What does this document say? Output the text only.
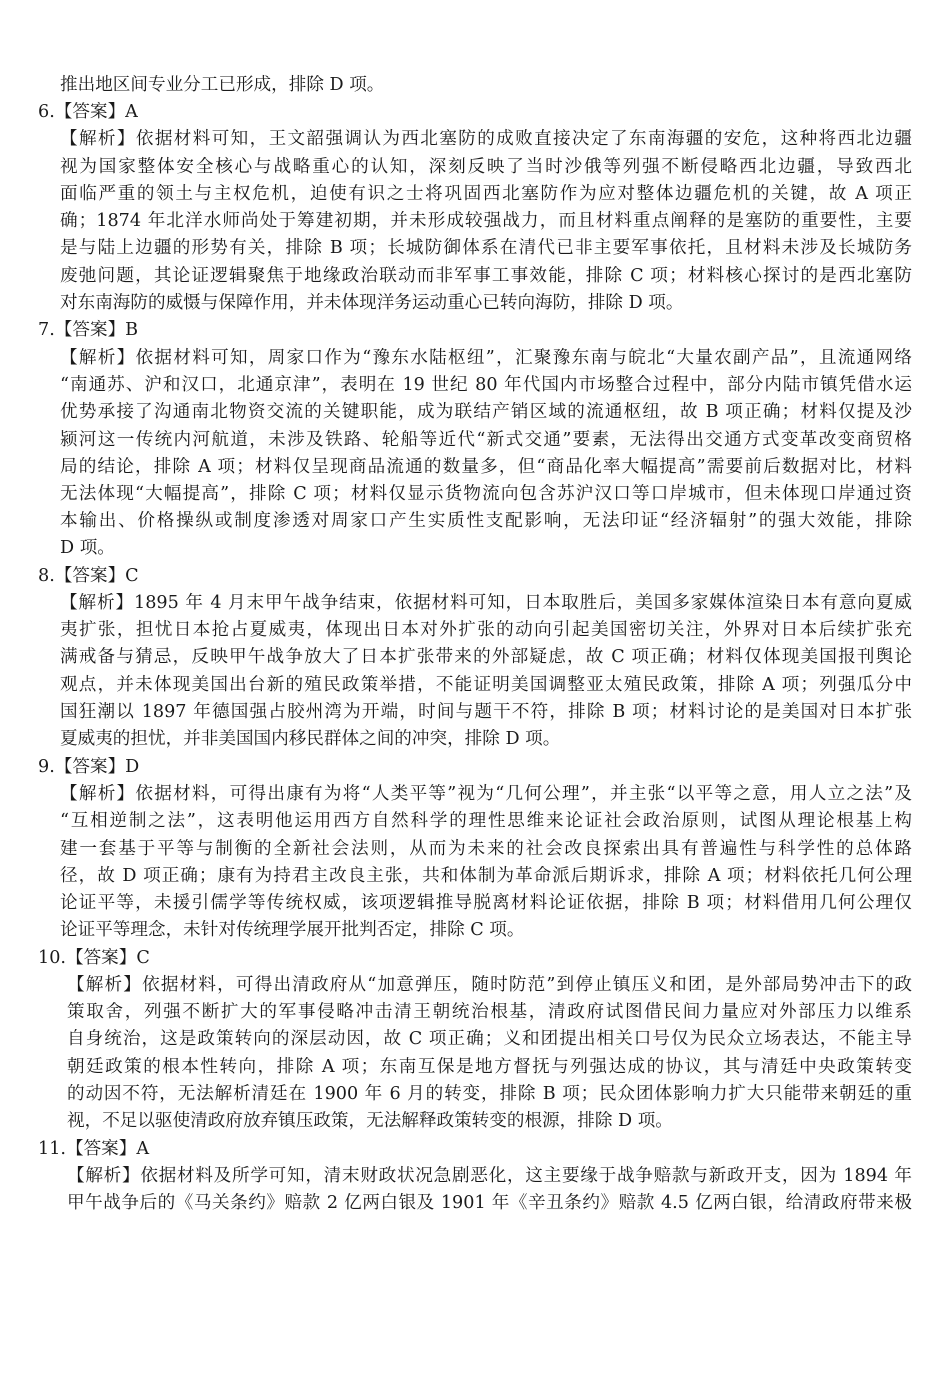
推出地区间专业分工已形成，排除 D 项。
6.【答案】A
【解析】依据材料可知，王文韶强调认为西北塞防的成败直接决定了东南海疆的安危，这种将西北边疆
视为国家整体安全核心与战略重心的认知，深刻反映了当时沙俄等列强不断侵略西北边疆，导致西北
面临严重的领土与主权危机，迫使有识之士将巩固西北塞防作为应对整体边疆危机的关键，故 A 项正
确；1874 年北洋水师尚处于筹建初期，并未形成较强战力，而且材料重点阐释的是塞防的重要性，主要
是与陆上边疆的形势有关，排除 B 项；长城防御体系在清代已非主要军事依托，且材料未涉及长城防务
废弛问题，其论证逻辑聚焦于地缘政治联动而非军事工事效能，排除 C 项；材料核心探讨的是西北塞防
对东南海防的威慑与保障作用，并未体现洋务运动重心已转向海防，排除 D 项。
7.【答案】B
【解析】依据材料可知，周家口作为“豫东水陆枢纽”，汇聚豫东南与皖北“大量农副产品”，且流通网络
“南通苏、沪和汉口，北通京津”，表明在 19 世纪 80 年代国内市场整合过程中，部分内陆市镇凭借水运
优势承接了沟通南北物资交流的关键职能，成为联结产销区域的流通枢纽，故 B 项正确；材料仅提及沙
颍河这一传统内河航道，未涉及铁路、轮船等近代“新式交通”要素，无法得出交通方式变革改变商贸格
局的结论，排除 A 项；材料仅呈现商品流通的数量多，但“商品化率大幅提高”需要前后数据对比，材料
无法体现“大幅提高”，排除 C 项；材料仅显示货物流向包含苏沪汉口等口岸城市，但未体现口岸通过资
本输出、价格操纵或制度渗透对周家口产生实质性支配影响，无法印证“经济辐射”的强大效能，排除
D 项。
8.【答案】C
【解析】1895 年 4 月末甲午战争结束，依据材料可知，日本取胜后，美国多家媒体渲染日本有意向夏威
夷扩张，担忧日本抢占夏威夷，体现出日本对外扩张的动向引起美国密切关注，外界对日本后续扩张充
满戒备与猜忌，反映甲午战争放大了日本扩张带来的外部疑虑，故 C 项正确；材料仅体现美国报刊舆论
观点，并未体现美国出台新的殖民政策举措，不能证明美国调整亚太殖民政策，排除 A 项；列强瓜分中
国狂潮以 1897 年德国强占胶州湾为开端，时间与题干不符，排除 B 项；材料讨论的是美国对日本扩张
夏威夷的担忧，并非美国国内移民群体之间的冲突，排除 D 项。
9.【答案】D
【解析】依据材料，可得出康有为将“人类平等”视为“几何公理”，并主张“以平等之意，用人立之法”及
“互相逆制之法”，这表明他运用西方自然科学的理性思维来论证社会政治原则，试图从理论根基上构
建一套基于平等与制衡的全新社会法则，从而为未来的社会改良探索出具有普遍性与科学性的总体路
径，故 D 项正确；康有为持君主改良主张，共和体制为革命派后期诉求，排除 A 项；材料依托几何公理
论证平等，未援引儒学等传统权威，该项逻辑推导脱离材料论证依据，排除 B 项；材料借用几何公理仅
论证平等理念，未针对传统理学展开批判否定，排除 C 项。
10.【答案】C
【解析】依据材料，可得出清政府从“加意弹压，随时防范”到停止镇压义和团，是外部局势冲击下的政
策取舍，列强不断扩大的军事侵略冲击清王朝统治根基，清政府试图借民间力量应对外部压力以维系
自身统治，这是政策转向的深层动因，故 C 项正确；义和团提出相关口号仅为民众立场表达，不能主导
朝廷政策的根本性转向，排除 A 项；东南互保是地方督抚与列强达成的协议，其与清廷中央政策转变
的动因不符，无法解析清廷在 1900 年 6 月的转变，排除 B 项；民众团体影响力扩大只能带来朝廷的重
视，不足以驱使清政府放弃镇压政策，无法解释政策转变的根源，排除 D 项。
11.【答案】A
【解析】依据材料及所学可知，清末财政状况急剧恶化，这主要缘于战争赔款与新政开支，因为 1894 年
甲午战争后的《马关条约》赔款 2 亿两白银及 1901 年《辛丑条约》赔款 4.5 亿两白银，给清政府带来极
